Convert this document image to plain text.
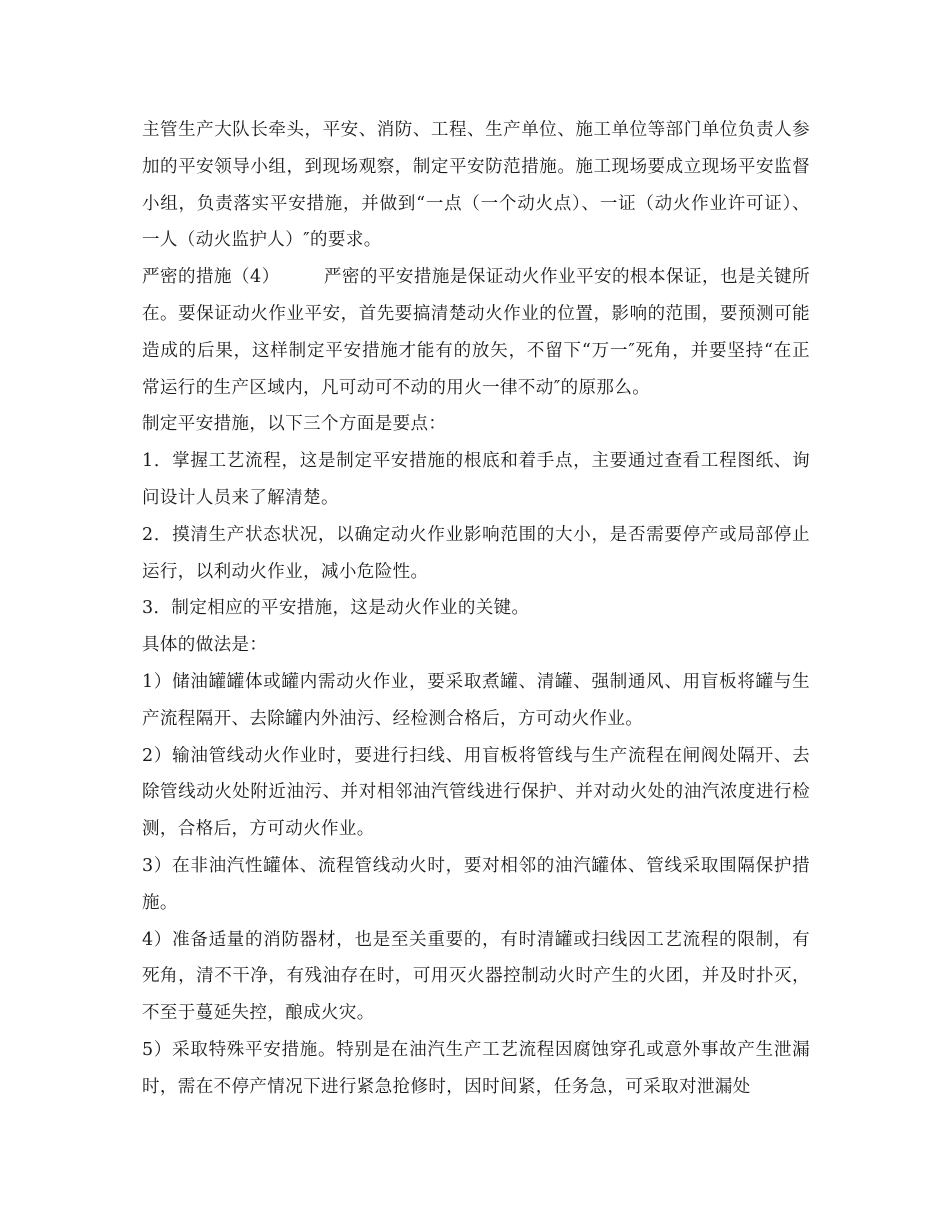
主管生产大队长牵头，平安、消防、工程、生产单位、施工单位等部门单位负责人参加的平安领导小组，到现场观察，制定平安防范措施。施工现场要成立现场平安监督小组，负责落实平安措施，并做到“一点（一个动火点）、一证（动火作业许可证）、一人（动火监护人）″的要求。

严密的措施（4）	严密的平安措施是保证动火作业平安的根本保证，也是关键所在。要保证动火作业平安，首先要搞清楚动火作业的位置，影响的范围，要预测可能造成的后果，这样制定平安措施才能有的放矢，不留下“万一″死角，并要坚持“在正常运行的生产区域内，凡可动可不动的用火一律不动″的原那么。

制定平安措施，以下三个方面是要点：

1．掌握工艺流程，这是制定平安措施的根底和着手点，主要通过查看工程图纸、询问设计人员来了解清楚。

2．摸清生产状态状况，以确定动火作业影响范围的大小，是否需要停产或局部停止运行，以利动火作业，减小危险性。

3．制定相应的平安措施，这是动火作业的关键。

具体的做法是：

1）储油罐罐体或罐内需动火作业，要采取煮罐、清罐、强制通风、用盲板将罐与生产流程隔开、去除罐内外油污、经检测合格后，方可动火作业。

2）输油管线动火作业时，要进行扫线、用盲板将管线与生产流程在闸阀处隔开、去除管线动火处附近油污、并对相邻油汽管线进行保护、并对动火处的油汽浓度进行检测，合格后，方可动火作业。

3）在非油汽性罐体、流程管线动火时，要对相邻的油汽罐体、管线采取围隔保护措施。

4）准备适量的消防器材，也是至关重要的，有时清罐或扫线因工艺流程的限制，有死角，清不干净，有残油存在时，可用灭火器控制动火时产生的火团，并及时扑灭，不至于蔓延失控，酿成火灾。

5）采取特殊平安措施。特别是在油汽生产工艺流程因腐蚀穿孔或意外事故产生泄漏时，需在不停产情况下进行紧急抢修时，因时间紧，任务急，可采取对泄漏处
